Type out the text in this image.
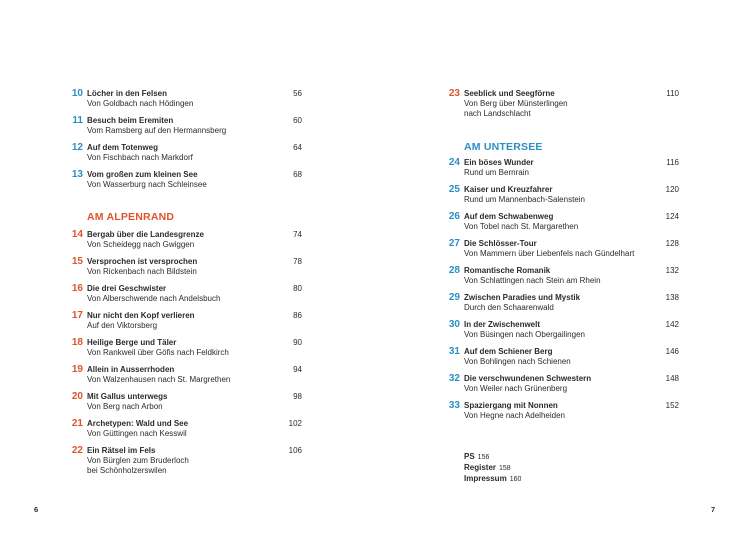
10 Löcher in den Felsen
Von Goldbach nach Hödingen
56
11 Besuch beim Eremiten
Vom Ramsberg auf den Hermannsberg
60
12 Auf dem Totenweg
Von Fischbach nach Markdorf
64
13 Vom großen zum kleinen See
Von Wasserburg nach Schleinsee
68
AM ALPENRAND
14 Bergab über die Landesgrenze
Von Scheidegg nach Gwiggen
74
15 Versprochen ist versprochen
Von Rickenbach nach Bildstein
78
16 Die drei Geschwister
Von Alberschwende nach Andelsbuch
80
17 Nur nicht den Kopf verlieren
Auf den Viktorsberg
86
18 Heilige Berge und Täler
Von Rankweil über Göfis nach Feldkirch
90
19 Allein in Ausserrhoden
Von Walzenhausen nach St. Margrethen
94
20 Mit Gallus unterwegs
Von Berg nach Arbon
98
21 Archetypen: Wald und See
Von Güttingen nach Kesswil
102
22 Ein Rätsel im Fels
Von Bürglen zum Bruderloch
bei Schönholzerswilen
106
6
23 Seeblick und Seegförne
Von Berg über Münsterlingen
nach Landschlacht
110
AM UNTERSEE
24 Ein böses Wunder
Rund um Bernrain
116
25 Kaiser und Kreuzfahrer
Rund um Mannenbach-Salenstein
120
26 Auf dem Schwabenweg
Von Tobel nach St. Margarethen
124
27 Die Schlösser-Tour
Von Mammern über Liebenfels nach Gündelhart
128
28 Romantische Romanik
Von Schlattingen nach Stein am Rhein
132
29 Zwischen Paradies und Mystik
Durch den Schaarenwald
138
30 In der Zwischenwelt
Von Büsingen nach Obergailingen
142
31 Auf dem Schiener Berg
Von Bohlingen nach Schienen
146
32 Die verschwundenen Schwestern
Von Weiler nach Grünenberg
148
33 Spaziergang mit Nonnen
Von Hegne nach Adelheiden
152
PS 156
Register 158
Impressum 160
7
